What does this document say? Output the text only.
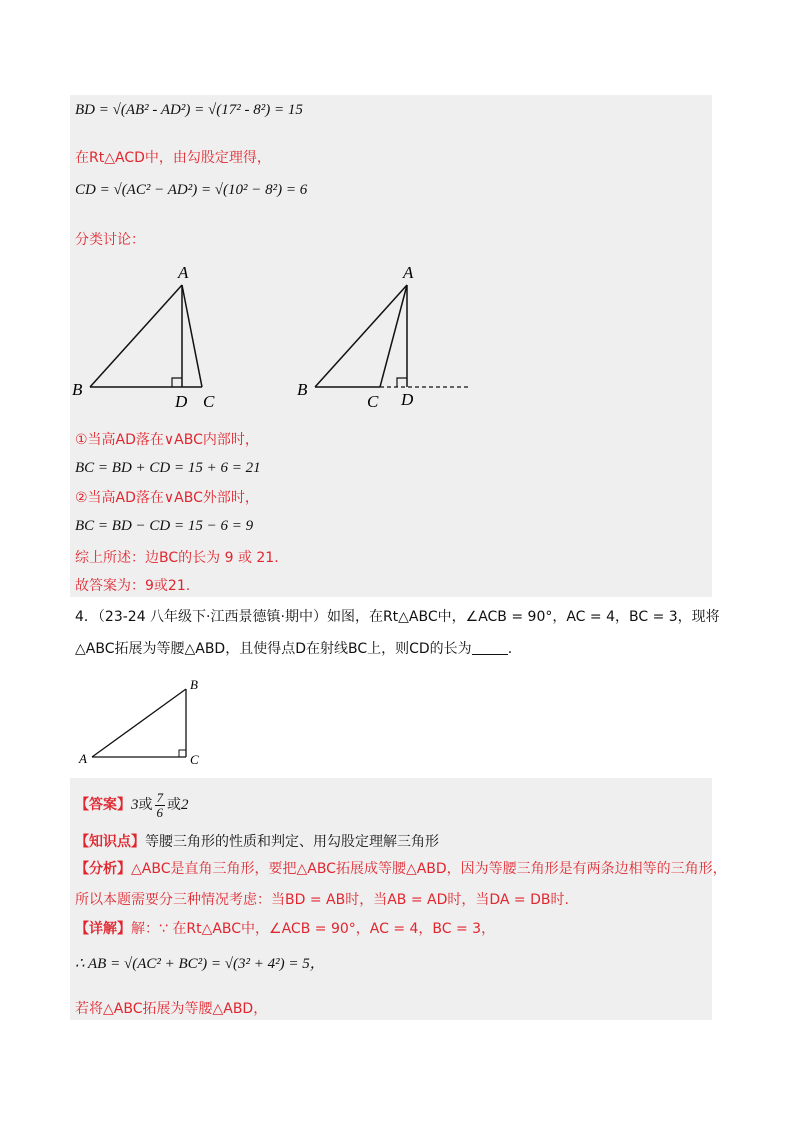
BD = √(AB² - AD²) = √(17² - 8²) = 15
在Rt△ACD中，由勾股定理得，
CD = √(AC² − AD²) = √(10² − 8²) = 6
分类讨论：
A
B
D C
A
B
C D
①当高AD落在∨ABC内部时，
BC = BD + CD = 15 + 6 = 21
②当高AD落在∨ABC外部时，
BC = BD − CD = 15 − 6 = 9
综上所述：边BC的长为 9 或 21.
故答案为：9或21.
4．（23-24 八年级下·江西景德镇·期中）如图，在Rt△ABC中，∠ACB = 90°，AC = 4，BC = 3，现将
△ABC拓展为等腰△ABD，且使得点D在射线BC上，则CD的长为	.
B
A	C
【答案】3或 $\frac{7}{6}$ 或2
【知识点】等腰三角形的性质和判定、用勾股定理解三角形
【分析】△ABC是直角三角形，要把△ABC拓展成等腰△ABD，因为等腰三角形是有两条边相等的三角形，
所以本题需要分三种情况考虑：当BD = AB时，当AB = AD时，当DA = DB时.
【详解】解：∵ 在Rt△ABC中，∠ACB = 90°，AC = 4，BC = 3，
∴ AB = √(AC² + BC²) = √(3² + 4²) = 5，
若将△ABC拓展为等腰△ABD，
